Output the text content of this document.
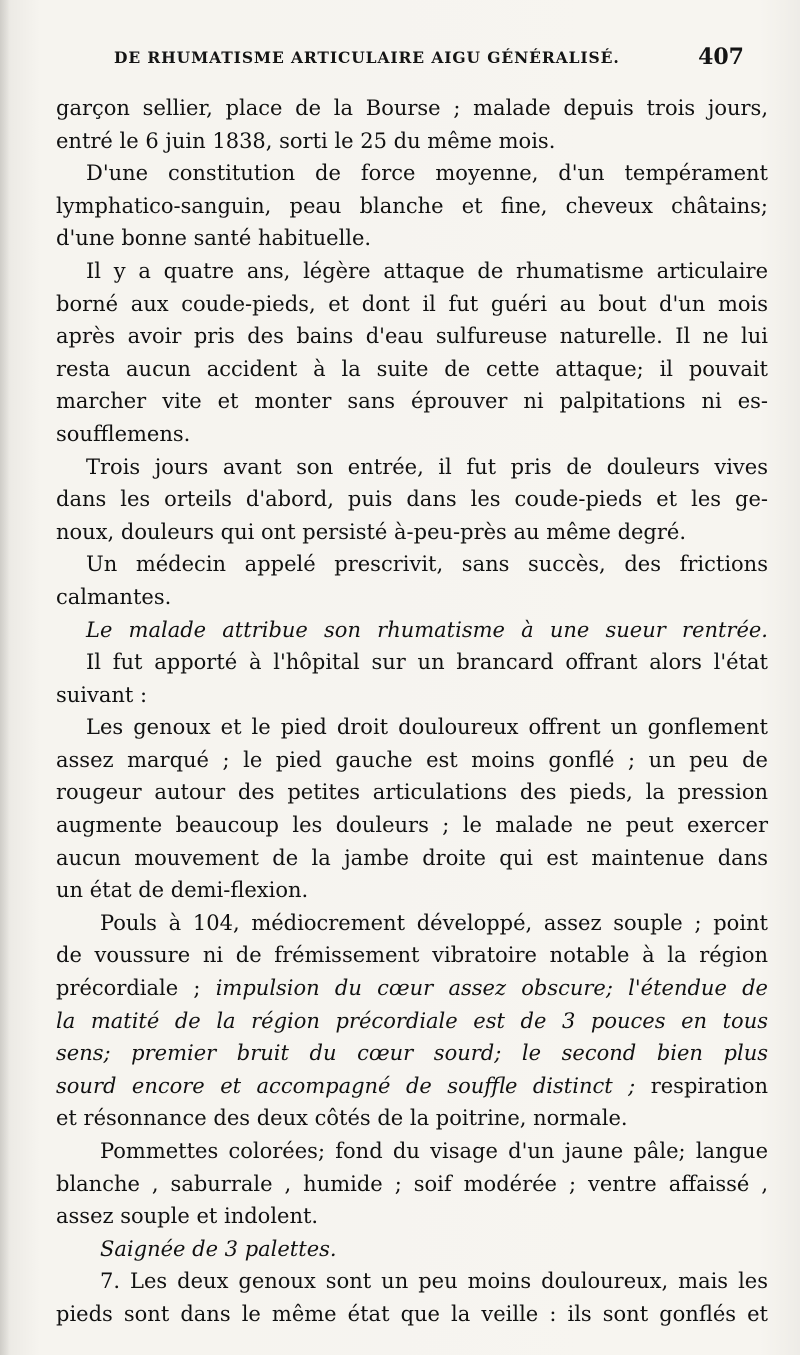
DE RHUMATISME ARTICULAIRE AIGU GÉNÉRALISÉ.	407
garçon sellier, place de la Bourse ; malade depuis trois jours,
entré le 6 juin 1838, sorti le 25 du même mois.
D'une constitution de force moyenne, d'un tempérament
lymphatico-sanguin, peau blanche et fine, cheveux châtains;
d'une bonne santé habituelle.
Il y a quatre ans, légère attaque de rhumatisme articulaire
borné aux coude-pieds, et dont il fut guéri au bout d'un mois
après avoir pris des bains d'eau sulfureuse naturelle. Il ne lui
resta aucun accident à la suite de cette attaque; il pouvait
marcher vite et monter sans éprouver ni palpitations ni es-
soufflemens.
Trois jours avant son entrée, il fut pris de douleurs vives
dans les orteils d'abord, puis dans les coude-pieds et les ge-
noux, douleurs qui ont persisté à-peu-près au même degré.
Un médecin appelé prescrivit, sans succès, des frictions
calmantes.
Le malade attribue son rhumatisme à une sueur rentrée.
Il fut apporté à l'hôpital sur un brancard offrant alors l'état
suivant :
Les genoux et le pied droit douloureux offrent un gonflement
assez marqué ; le pied gauche est moins gonflé ; un peu de
rougeur autour des petites articulations des pieds, la pression
augmente beaucoup les douleurs ; le malade ne peut exercer
aucun mouvement de la jambe droite qui est maintenue dans
un état de demi-flexion.
Pouls à 104, médiocrement développé, assez souple ; point
de voussure ni de frémissement vibratoire notable à la région
précordiale ; impulsion du cœur assez obscure; l'étendue de
la matité de la région précordiale est de 3 pouces en tous
sens; premier bruit du cœur sourd; le second bien plus
sourd encore et accompagné de souffle distinct ; respiration
et résonnance des deux côtés de la poitrine, normale.
Pommettes colorées; fond du visage d'un jaune pâle; langue
blanche , saburrale , humide ; soif modérée ; ventre affaissé ,
assez souple et indolent.
Saignée de 3 palettes.
7. Les deux genoux sont un peu moins douloureux, mais les
pieds sont dans le même état que la veille : ils sont gonflés et
